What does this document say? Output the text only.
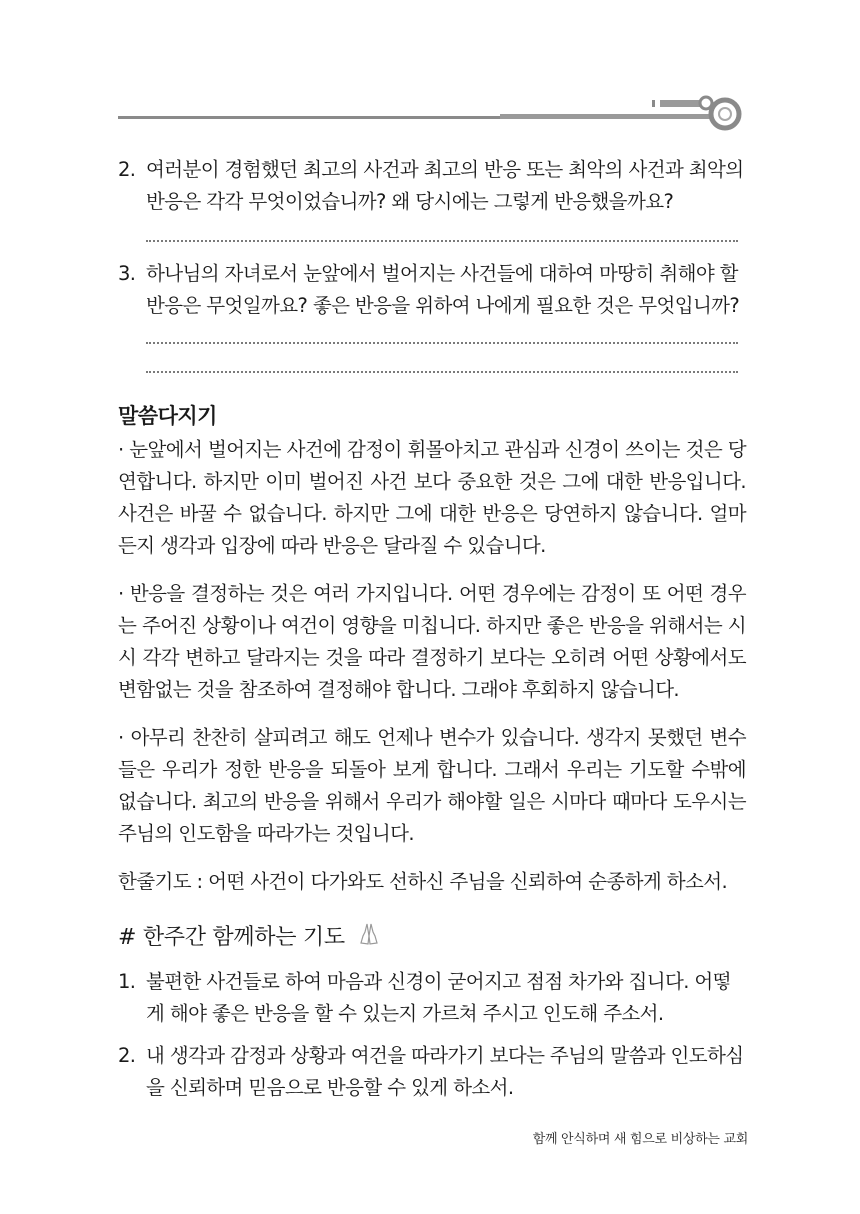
2. 여러분이 경험했던 최고의 사건과 최고의 반응 또는 최악의 사건과 최악의 반응은 각각 무엇이었습니까? 왜 당시에는 그렇게 반응했을까요?
3. 하나님의 자녀로서 눈앞에서 벌어지는 사건들에 대하여 마땅히 취해야 할 반응은 무엇일까요? 좋은 반응을 위하여 나에게 필요한 것은 무엇입니까?
말씀다지기
· 눈앞에서 벌어지는 사건에 감정이 휘몰아치고 관심과 신경이 쓰이는 것은 당연합니다. 하지만 이미 벌어진 사건 보다 중요한 것은 그에 대한 반응입니다. 사건은 바꿀 수 없습니다. 하지만 그에 대한 반응은 당연하지 않습니다. 얼마든지 생각과 입장에 따라 반응은 달라질 수 있습니다.
· 반응을 결정하는 것은 여러 가지입니다. 어떤 경우에는 감정이 또 어떤 경우는 주어진 상황이나 여건이 영향을 미칩니다. 하지만 좋은 반응을 위해서는 시시 각각 변하고 달라지는 것을 따라 결정하기 보다는 오히려 어떤 상황에서도 변함없는 것을 참조하여 결정해야 합니다. 그래야 후회하지 않습니다.
· 아무리 찬찬히 살피려고 해도 언제나 변수가 있습니다. 생각지 못했던 변수들은 우리가 정한 반응을 되돌아 보게 합니다. 그래서 우리는 기도할 수밖에 없습니다. 최고의 반응을 위해서 우리가 해야할 일은 시마다 때마다 도우시는 주님의 인도함을 따라가는 것입니다.
한줄기도 : 어떤 사건이 다가와도 선하신 주님을 신뢰하여 순종하게 하소서.
# 한주간 함께하는 기도
1. 불편한 사건들로 하여 마음과 신경이 굳어지고 점점 차가와 집니다. 어떻게 해야 좋은 반응을 할 수 있는지 가르쳐 주시고 인도해 주소서.
2. 내 생각과 감정과 상황과 여건을 따라가기 보다는 주님의 말씀과 인도하심을 신뢰하며 믿음으로 반응할 수 있게 하소서.
함께 안식하며 새 힘으로 비상하는 교회
